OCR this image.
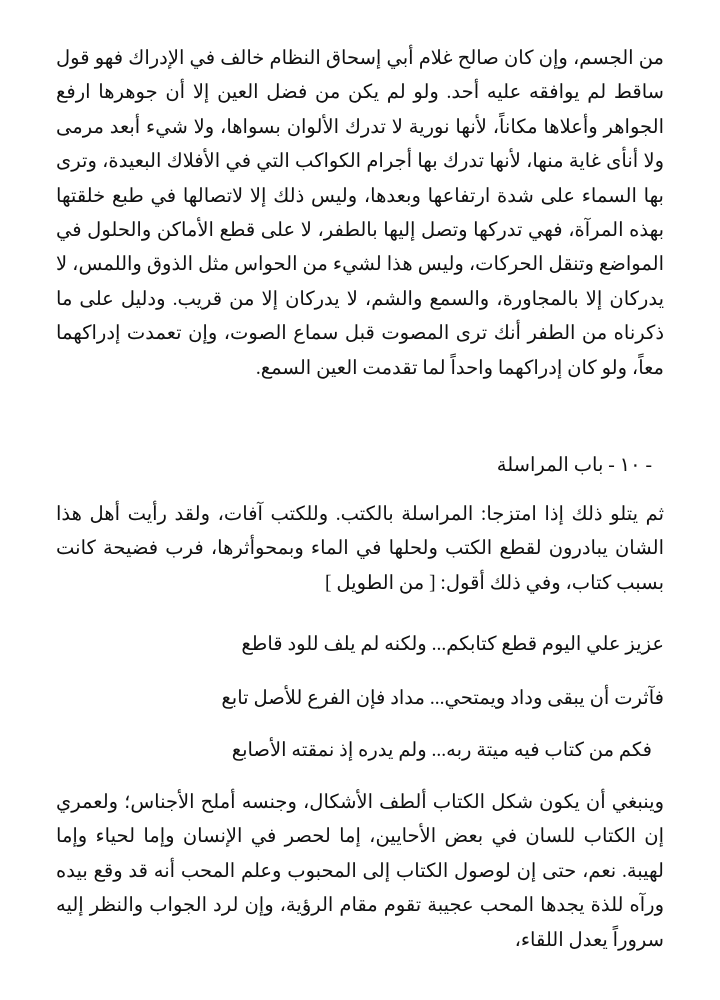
من الجسم، وإن كان صالح غلام أبي إسحاق النظام خالف في الإدراك فهو قول ساقط لم يوافقه عليه أحد. ولو لم يكن من فضل العين إلا أن جوهرها ارفع الجواهر وأعلاها مكاناً، لأنها نورية لا تدرك الألوان بسواها، ولا شيء أبعد مرمى ولا أنأى غاية منها، لأنها تدرك بها أجرام الكواكب التي في الأفلاك البعيدة، وترى بها السماء على شدة ارتفاعها وبعدها، وليس ذلك إلا لاتصالها في طبع خلقتها بهذه المرآة، فهي تدركها وتصل إليها بالطفر، لا على قطع الأماكن والحلول في المواضع وتنقل الحركات، وليس هذا لشيء من الحواس مثل الذوق واللمس، لا يدركان إلا بالمجاورة، والسمع والشم، لا يدركان إلا من قريب. ودليل على ما ذكرناه من الطفر أنك ترى المصوت قبل سماع الصوت، وإن تعمدت إدراكهما معاً، ولو كان إدراكهما واحداً لما تقدمت العين السمع.

- ١٠ - باب المراسلة

ثم يتلو ذلك إذا امتزجا: المراسلة بالكتب. وللكتب آفات، ولقد رأيت أهل هذا الشان يبادرون لقطع الكتب ولحلها في الماء وبمحوأثرها، فرب فضيحة كانت بسبب كتاب، وفي ذلك أقول: [ من الطويل ]

عزيز علي اليوم قطع كتابكم... ولكنه لم يلف للود قاطع
فآثرت أن يبقى وداد ويمتحي... مداد فإن الفرع للأصل تابع
فكم من كتاب فيه ميتة ربه... ولم يدره إذ نمقته الأصابع

وينبغي أن يكون شكل الكتاب ألطف الأشكال، وجنسه أملح الأجناس؛ ولعمري إن الكتاب للسان في بعض الأحايين، إما لحصر في الإنسان وإما لحياء وإما لهيبة. نعم، حتى إن لوصول الكتاب إلى المحبوب وعلم المحب أنه قد وقع بيده ورآه للذة يجدها المحب عجيبة تقوم مقام الرؤية، وإن لرد الجواب والنظر إليه سروراً يعدل اللقاء،
